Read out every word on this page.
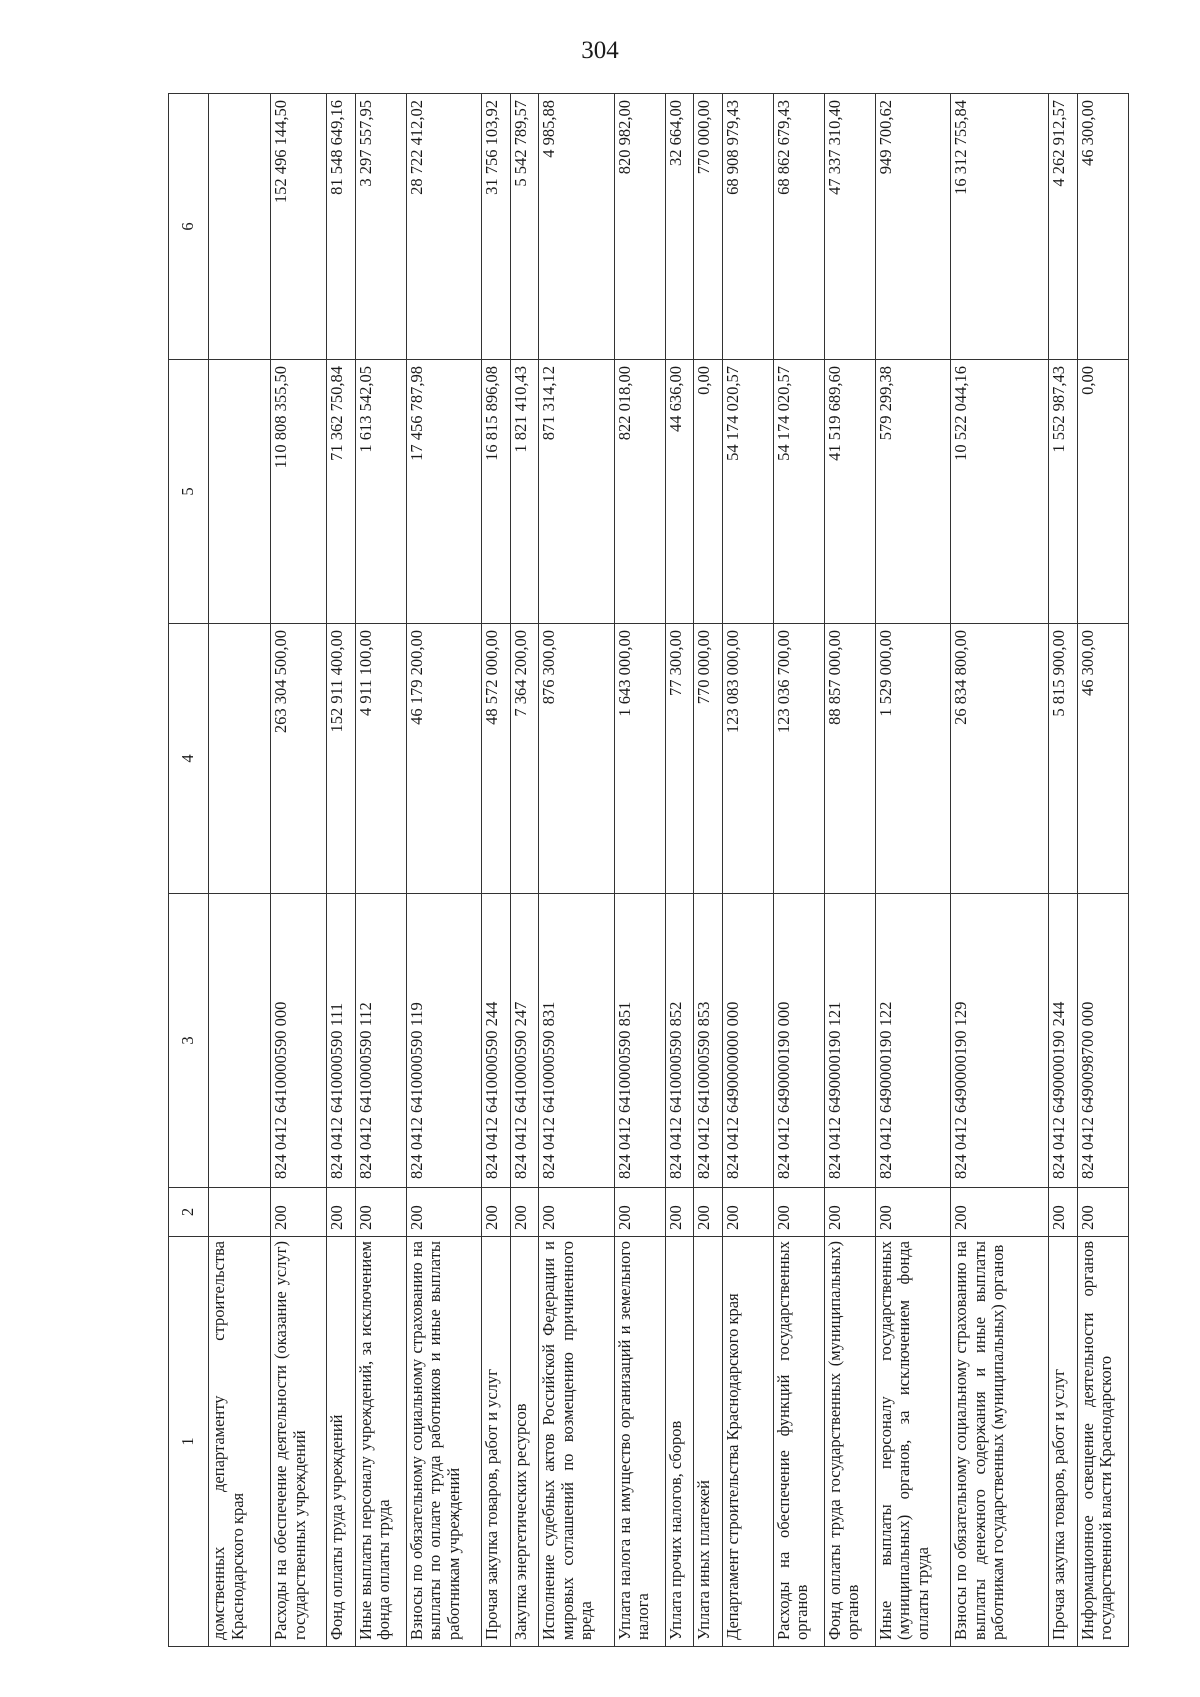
304
1	2	3	4	5	6
домственных департаменту строительства Краснодарского края					
Расходы на обеспечение деятельности (оказание услуг) государственных учреждений	200	824 0412 6410000590 000	263 304 500,00	110 808 355,50	152 496 144,50
Фонд оплаты труда учреждений	200	824 0412 6410000590 111	152 911 400,00	71 362 750,84	81 548 649,16
Иные выплаты персоналу учреждений, за исключением фонда оплаты труда	200	824 0412 6410000590 112	4 911 100,00	1 613 542,05	3 297 557,95
Взносы по обязательному социальному страхованию на выплаты по оплате труда работников и иные выплаты работникам учреждений	200	824 0412 6410000590 119	46 179 200,00	17 456 787,98	28 722 412,02
Прочая закупка товаров, работ и услуг	200	824 0412 6410000590 244	48 572 000,00	16 815 896,08	31 756 103,92
Закупка энергетических ресурсов	200	824 0412 6410000590 247	7 364 200,00	1 821 410,43	5 542 789,57
Исполнение судебных актов Российской Федерации и мировых соглашений по возмещению причиненного вреда	200	824 0412 6410000590 831	876 300,00	871 314,12	4 985,88
Уплата налога на имущество организаций и земельного налога	200	824 0412 6410000590 851	1 643 000,00	822 018,00	820 982,00
Уплата прочих налогов, сборов	200	824 0412 6410000590 852	77 300,00	44 636,00	32 664,00
Уплата иных платежей	200	824 0412 6410000590 853	770 000,00	0,00	770 000,00
Департамент строительства Краснодарского края	200	824 0412 6490000000 000	123 083 000,00	54 174 020,57	68 908 979,43
Расходы на обеспечение функций государственных органов	200	824 0412 6490000190 000	123 036 700,00	54 174 020,57	68 862 679,43
Фонд оплаты труда государственных (муниципальных) органов	200	824 0412 6490000190 121	88 857 000,00	41 519 689,60	47 337 310,40
Иные выплаты персоналу государственных (муниципальных) органов, за исключением фонда оплаты труда	200	824 0412 6490000190 122	1 529 000,00	579 299,38	949 700,62
Взносы по обязательному социальному страхованию на выплаты денежного содержания и иные выплаты работникам государственных (муниципальных) органов	200	824 0412 6490000190 129	26 834 800,00	10 522 044,16	16 312 755,84
Прочая закупка товаров, работ и услуг	200	824 0412 6490000190 244	5 815 900,00	1 552 987,43	4 262 912,57
Информационное освещение деятельности органов государственной власти Краснодарского	200	824 0412 6490098700 000	46 300,00	0,00	46 300,00
